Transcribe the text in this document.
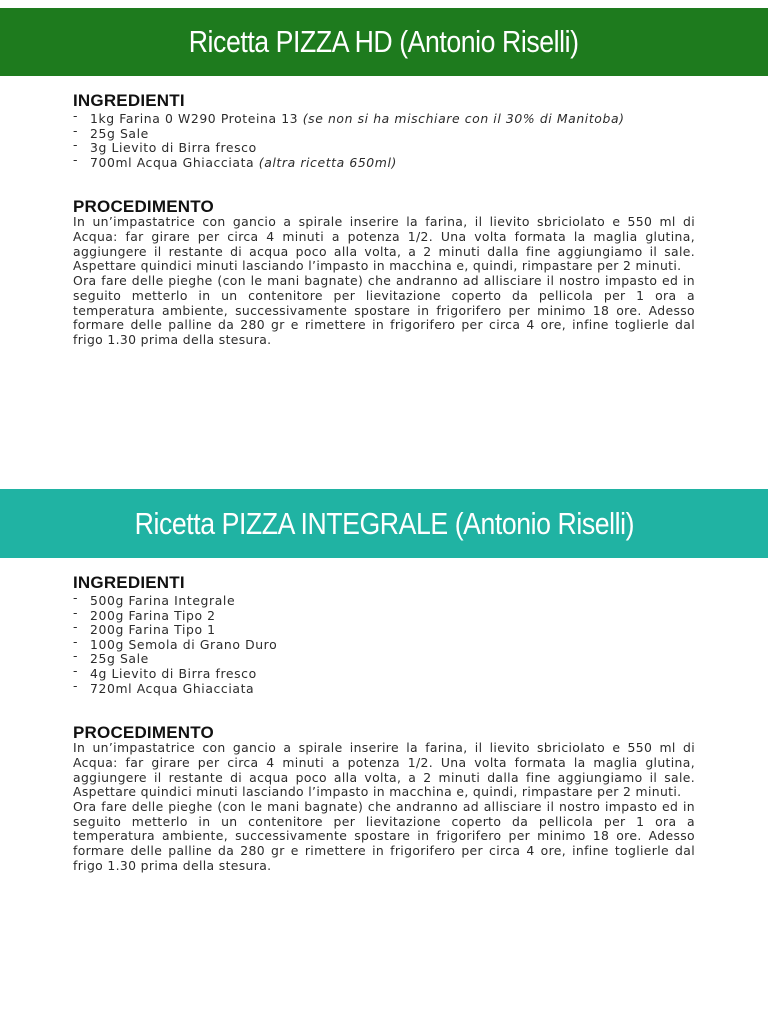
Ricetta PIZZA HD (Antonio Riselli)
INGREDIENTI
- 1kg Farina 0 W290 Proteina 13 (se non si ha mischiare con il 30% di Manitoba)
- 25g Sale
- 3g Lievito di Birra fresco
- 700ml Acqua Ghiacciata (altra ricetta 650ml)
PROCEDIMENTO

In un’impastatrice con gancio a spirale inserire la farina, il lievito sbriciolato e 550 ml di Acqua: far girare per circa 4 minuti a potenza 1/2. Una volta formata la maglia glutina, aggiungere il restante di acqua poco alla volta, a 2 minuti dalla fine aggiungiamo il sale. Aspettare quindici minuti lasciando l’impasto in macchina e, quindi, rimpastare per 2 minuti.

Ora fare delle pieghe (con le mani bagnate) che andranno ad allisciare il nostro impasto ed in seguito metterlo in un contenitore per lievitazione coperto da pellicola per 1 ora a temperatura ambiente, successivamente spostare in frigorifero per minimo 18 ore. Adesso formare delle palline da 280 gr e rimettere in frigorifero per circa 4 ore, infine toglierle dal frigo 1.30 prima della stesura.

Ricetta PIZZA INTEGRALE (Antonio Riselli)
INGREDIENTI
- 500g Farina Integrale
- 200g Farina Tipo 2
- 200g Farina Tipo 1
- 100g Semola di Grano Duro
- 25g Sale
- 4g Lievito di Birra fresco
- 720ml Acqua Ghiacciata
PROCEDIMENTO

In un’impastatrice con gancio a spirale inserire la farina, il lievito sbriciolato e 550 ml di Acqua: far girare per circa 4 minuti a potenza 1/2. Una volta formata la maglia glutina, aggiungere il restante di acqua poco alla volta, a 2 minuti dalla fine aggiungiamo il sale. Aspettare quindici minuti lasciando l’impasto in macchina e, quindi, rimpastare per 2 minuti.

Ora fare delle pieghe (con le mani bagnate) che andranno ad allisciare il nostro impasto ed in seguito metterlo in un contenitore per lievitazione coperto da pellicola per 1 ora a temperatura ambiente, successivamente spostare in frigorifero per minimo 18 ore. Adesso formare delle palline da 280 gr e rimettere in frigorifero per circa 4 ore, infine toglierle dal frigo 1.30 prima della stesura.
